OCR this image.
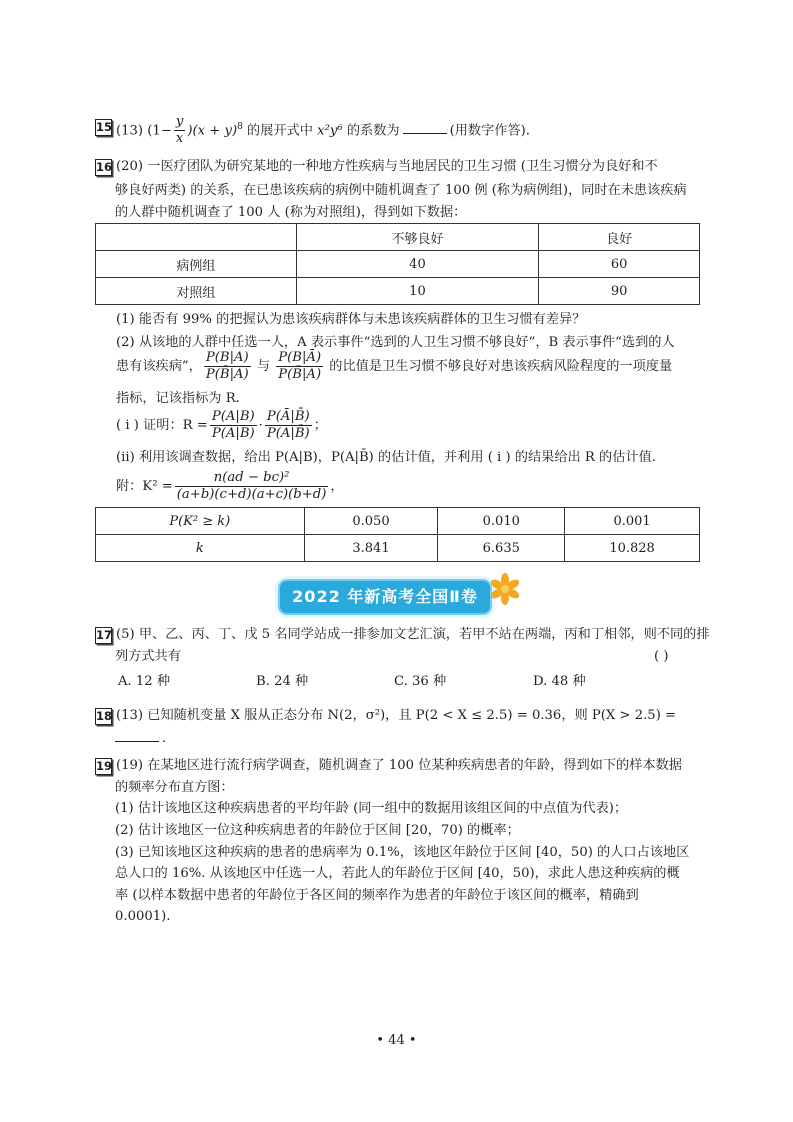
15 (13) $(1- \frac{y}{x} )(x + y)^8$ 的展开式中 x²y⁶ 的系数为	(用数字作答).
16 (20) 一医疗团队为研究某地的一种地方性疾病与当地居民的卫生习惯 (卫生习惯分为良好和不
够良好两类) 的关系，在已患该疾病的病例中随机调查了 100 例 (称为病例组)，同时在未患该疾病
的人群中随机调查了 100 人 (称为对照组)，得到如下数据：
	不够良好	良好
病例组	40	60
对照组	10	90
(1) 能否有 99% 的把握认为患该疾病群体与未患该疾病群体的卫生习惯有差异？
(2) 从该地的人群中任选一人，A 表示事件“选到的人卫生习惯不够良好”，B 表示事件“选到的人
患有该疾病”， $\frac{P(B|A)}{P(B̄|A)}$ 与 $\frac{P(B|Ā)}{P(B̄|Ā)}$ 的比值是卫生习惯不够良好对患该疾病风险程度的一项度量
指标，记该指标为 R.
( i ) 证明：$R = \frac{P(A|B)}{P(Ā|B)} \cdot \frac{P(Ā|B̄)}{P(A|B̄)}$ ；
(ii) 利用该调查数据，给出 P(A|B)，P(A|B̄) 的估计值，并利用 ( i ) 的结果给出 R 的估计值.
附：$K^2 = \frac{\text{n(ad − bc)²}}{(a+b)(c+d)(a+c)(b+d)}$ ，
P(K² ≥ k)	0.050	0.010	0.001
k	3.841	6.635	10.828
2022 年新高考全国Ⅱ卷
17 (5) 甲、乙、丙、丁、戊 5 名同学站成一排参加文艺汇演，若甲不站在两端，丙和丁相邻，则不同的排
列方式共有	( )
A. 12 种	B. 24 种	C. 36 种	D. 48 种
18 (13) 已知随机变量 X 服从正态分布 N(2，σ²)，且 P(2 < X ≤ 2.5) = 0.36，则 P(X > 2.5) =
.
19 (19) 在某地区进行流行病学调查，随机调查了 100 位某种疾病患者的年龄，得到如下的样本数据
的频率分布直方图：
(1) 估计该地区这种疾病患者的平均年龄 (同一组中的数据用该组区间的中点值为代表)；
(2) 估计该地区一位这种疾病患者的年龄位于区间 [20，70) 的概率；
(3) 已知该地区这种疾病的患者的患病率为 0.1%，该地区年龄位于区间 [40，50) 的人口占该地区
总人口的 16%. 从该地区中任选一人，若此人的年龄位于区间 [40，50)，求此人患这种疾病的概
率 (以样本数据中患者的年龄位于各区间的频率作为患者的年龄位于该区间的概率，精确到
0.0001).
• 44 •
